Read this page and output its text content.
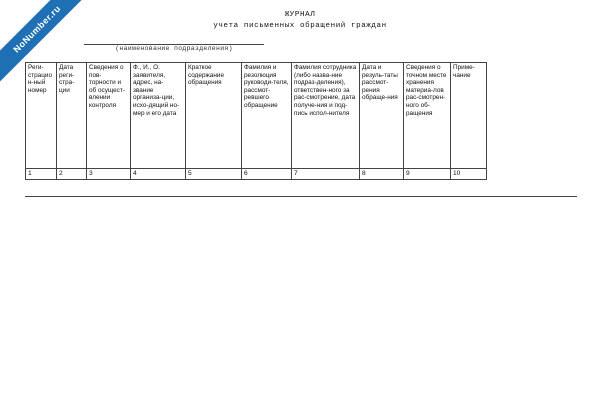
NoNumber.ru	ЖУРНАЛ
учета письменных обращений граждан
(наименование подразделения)
Реги-страцион-ный номер	Дата реги-стра-ции	Сведения о пов-торности и об осущест-влении контроля	Ф., И., О. заявителя, адрес, на-звание организа-ции, исхо-дящий но-мер и его дата	Краткое содержание обращения	Фамилия и резолюция руководи-теля, рассмот-ревшего обращение	Фамилия сотрудника (либо назва-ние подраз-деления), ответствен-ного за рас-смотрение, дата получе-ния и под-пись испол-нителя	Дата и резуль-таты рассмот-рения обраще-ния	Сведения о точном месте хранения материа-лов рас-смотрен-ного об-ращения	Приме-чание
1	2	3	4	5	6	7	8	9	10
